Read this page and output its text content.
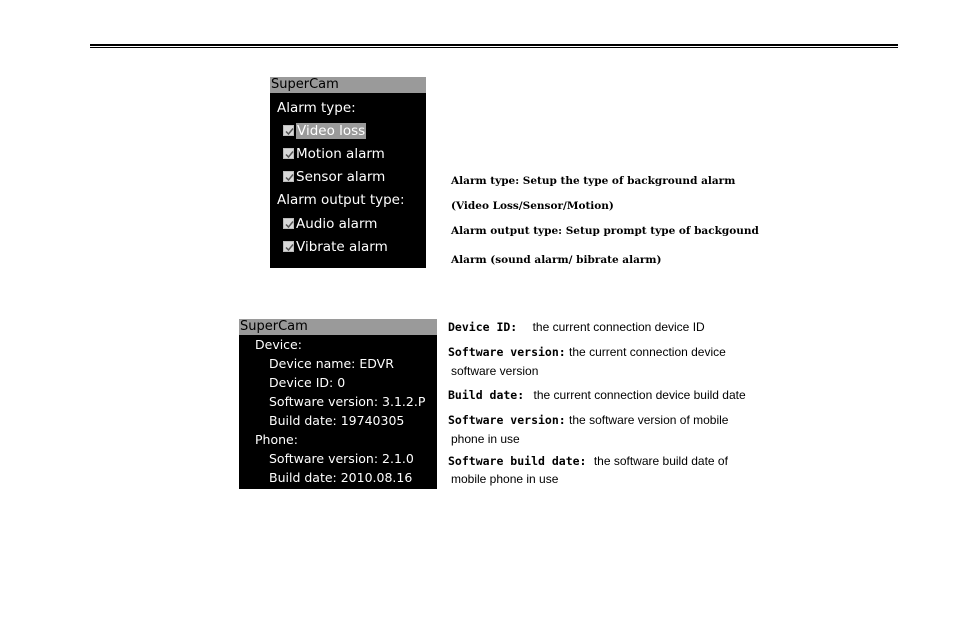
SuperCam
Alarm type:
Video loss
Motion alarm
Sensor alarm
Alarm output type:
Audio alarm
Vibrate alarm
Alarm type: Setup the type of background alarm
(Video Loss/Sensor/Motion)
Alarm output type: Setup prompt type of backgound
Alarm (sound alarm/ bibrate alarm)
SuperCam
Device:
Device name: EDVR
Device ID: 0
Software version: 3.1.2.P
Build date: 19740305
Phone:
Software version: 2.1.0
Build date: 2010.08.16
Device ID: the current connection device ID
Software version: the current connection device
software version
Build date: the current connection device build date
Software version: the software version of mobile
phone in use
Software build date: the software build date of
mobile phone in use
